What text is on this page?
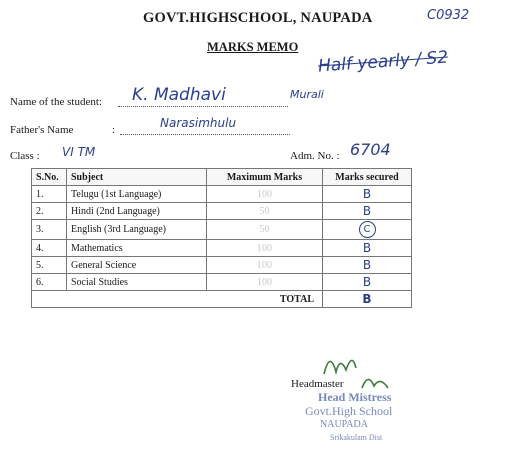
GOVT.HIGHSCHOOL, NAUPADA	C0932
MARKS MEMO
Half yearly / S2
Name of the student: K. Madhavi	Murali
Father's Name	:	Narasimhulu
Class : VI TM	Adm. No. : 6704
S.No.	Subject	Maximum Marks	Marks secured
1.	Telugu (1st Language)	100	B
2.	Hindi (2nd Language)	50	B
3.	English (3rd Language)	50	C
4.	Mathematics	100	B
5.	General Science	100	B
6.	Social Studies	100	B
TOTAL			B
Headmaster
Head Mistress
Govt.High School
NAUPADA
Srikakulam Dist
